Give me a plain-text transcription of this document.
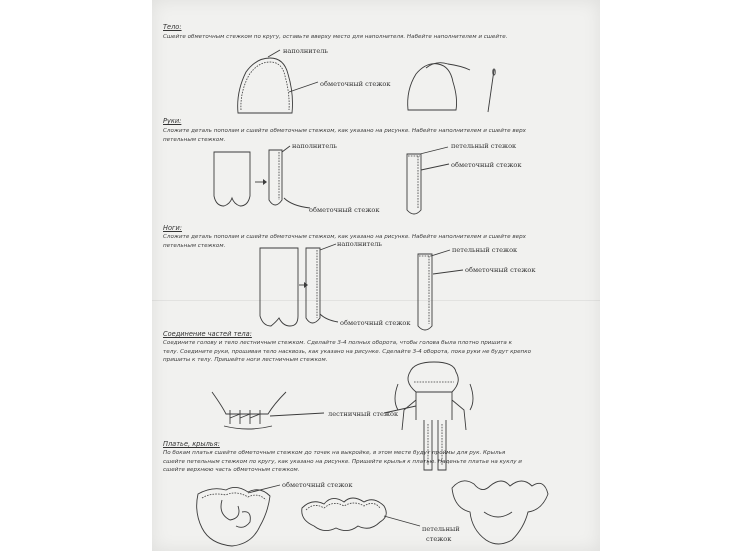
Тело:
Сшейте обметочным стежком по кругу, оставьте вверху место для наполнителя. Набейте наполнителем и сшейте.
наполнитель
обметочный стежок
Руки:
Сложите деталь пополам и сшейте обметочным стежком, как указано на рисунке. Набейте наполнителем и сшейте верх
петельным стежком.
наполнитель	петельный стежок
обметочный стежок
обметочный стежок
Ноги:
Сложите деталь пополам и сшейте обметочным стежком, как указано на рисунке. Набейте наполнителем и сшейте верх
петельным стежком.	наполнитель
петельный стежок
обметочный стежок
обметочный стежок
Соединение частей тела:
Соедините голову и тело лестничным стежком. Сделайте 3-4 полных оборота, чтобы голова была плотно пришита к
телу. Соедините руки, прошивая тело насквозь, как указано на рисунке. Сделайте 3-4 оборота, пока руки не будут крепко
пришиты к телу. Пришейте ноги лестничным стежком.
лестничный стежок
Платье, крылья:
По бокам платья сшейте обметочным стежком до точек на выкройке, в этом месте будут проймы для рук. Крылья
сшейте петельным стежком по кругу, как указано на рисунке. Пришейте крылья к платью. Наденьте платье на куклу и
сшейте верхнюю часть обметочным стежком.
обметочный стежок
петельный
стежок
